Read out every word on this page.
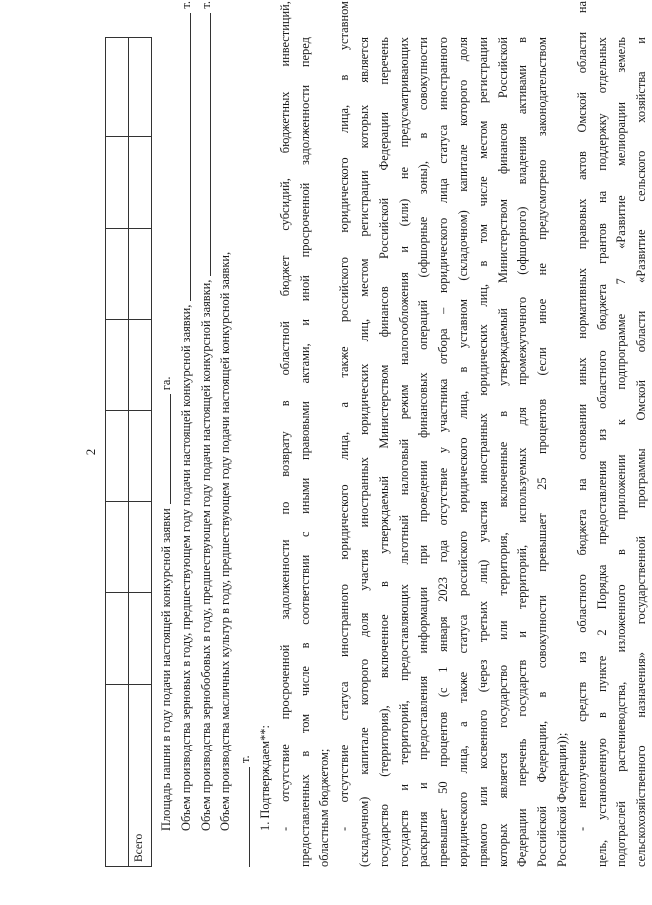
2

Всего							
Площадь пашни в году подачи настоящей конкурсной заявки
га. Объем производства зерновых в году, предшествующем году подачи настоящей конкурсной заявки,
т.
Объем производства зернобобовых в году, предшествующем году подачи настоящей конкурсной заявки,
т.
Объем производства масличных культур в году, предшествующем году подачи настоящей конкурсной заявки, т. 1. Подтверждаем**: -
отсутствие
просроченной
задолженности
по
возврату
в
областной
бюджет
субсидий,
бюджетных
инвестиций,
предоставленных
в
том
числе
в
соответствии
с
иными
правовыми
актами,
и
иной
просроченной
задолженности
перед
областным бюджетом; -
отсутствие
статуса
иностранного
юридического
лица,
а
также
российского
юридического
лица,
в
уставном
(складочном)
капитале
которого
доля
участия
иностранных
юридических
лиц,
местом
регистрации
которых
является
государство
(территория),
включенное
в
утверждаемый
Министерством
финансов
Российской
Федерации
перечень
государств
и
территорий,
предоставляющих
льготный
налоговый
режим
налогообложения
и
(или)
не
предусматривающих
раскрытия
и
предоставления
информации
при
проведении
финансовых
операций
(офшорные
зоны),
в
совокупности
превышает
50
процентов
(с
1
января
2023
года
отсутствие
у
участника
отбора
–
юридического
лица
статуса
иностранного
юридического
лица,
а
также
статуса
российского
юридического
лица,
в
уставном
(складочном)
капитале
которого
доля
прямого
или
косвенного
(через
третьих
лиц)
участия
иностранных
юридических
лиц,
в
том
числе
местом
регистрации
которых
является
государство
или
территория,
включенные
в
утверждаемый
Министерством
финансов
Российской
Федерации
перечень
государств
и
территорий,
используемых
для
промежуточного
(офшорного)
владения
активами
в
Российской
Федерации,
в
совокупности
превышает
25
процентов
(если
иное
не
предусмотрено
законодательством
Российской Федерации)); -
неполучение
средств
из
областного
бюджета
на
основании
иных
нормативных
правовых
актов
Омской
области
на
цель,
установленную
в
пункте
2
Порядка
предоставления
из
областного
бюджета
грантов
на
поддержку
отдельных
подотраслей
растениеводства,
изложенного
в
приложении
к
подпрограмме
7
«Развитие
мелиорации
земель
сельскохозяйственного
назначения»
государственной
программы
Омской
области
«Развитие
сельского
хозяйства
и
